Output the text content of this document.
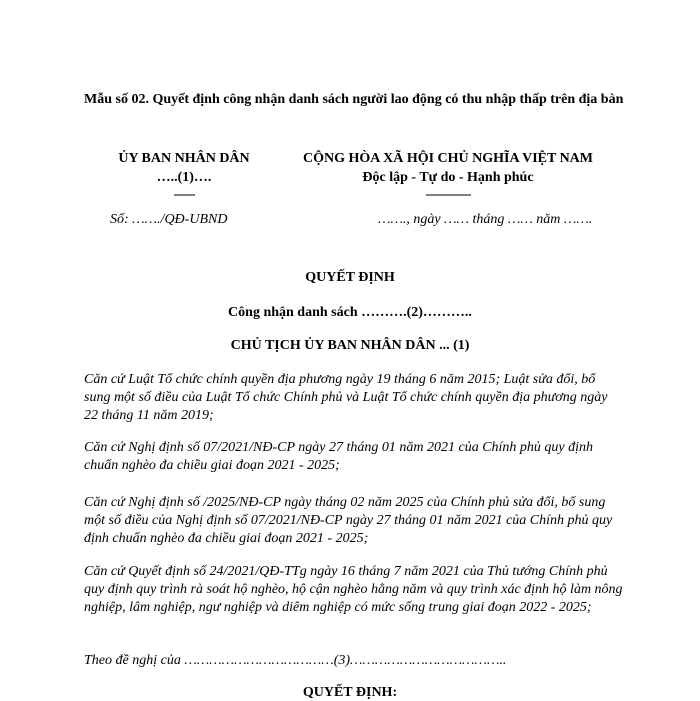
Mẫu số 02. Quyết định công nhận danh sách người lao động có thu nhập thấp trên địa bàn
ỦY BAN NHÂN DÂN
…..(1)….
-------
CỘNG HÒA XÃ HỘI CHỦ NGHĨA VIỆT NAM
Độc lập - Tự do - Hạnh phúc
---------------
Số: ……./QĐ-UBND	……., ngày …… tháng …… năm …….
QUYẾT ĐỊNH
Công nhận danh sách ……….(2)………..
CHỦ TỊCH ỦY BAN NHÂN DÂN ... (1)
Căn cứ Luật Tổ chức chính quyền địa phương ngày 19 tháng 6 năm 2015; Luật sửa đổi, bổ sung một số điều của Luật Tổ chức Chính phủ và Luật Tổ chức chính quyền địa phương ngày 22 tháng 11 năm 2019;
Căn cứ Nghị định số 07/2021/NĐ-CP ngày 27 tháng 01 năm 2021 của Chính phủ quy định chuẩn nghèo đa chiều giai đoạn 2021 - 2025;
Căn cứ Nghị định số /2025/NĐ-CP ngày tháng 02 năm 2025 của Chính phủ sửa đổi, bổ sung một số điều của Nghị định số 07/2021/NĐ-CP ngày 27 tháng 01 năm 2021 của Chính phủ quy định chuẩn nghèo đa chiều giai đoạn 2021 - 2025;
Căn cứ Quyết định số 24/2021/QĐ-TTg ngày 16 tháng 7 năm 2021 của Thủ tướng Chính phủ quy định quy trình rà soát hộ nghèo, hộ cận nghèo hằng năm và quy trình xác định hộ làm nông nghiệp, lâm nghiệp, ngư nghiệp và diêm nghiệp có mức sống trung giai đoạn 2022 - 2025;
Theo đề nghị của ………………………………(3)………………………………..
QUYẾT ĐỊNH:
